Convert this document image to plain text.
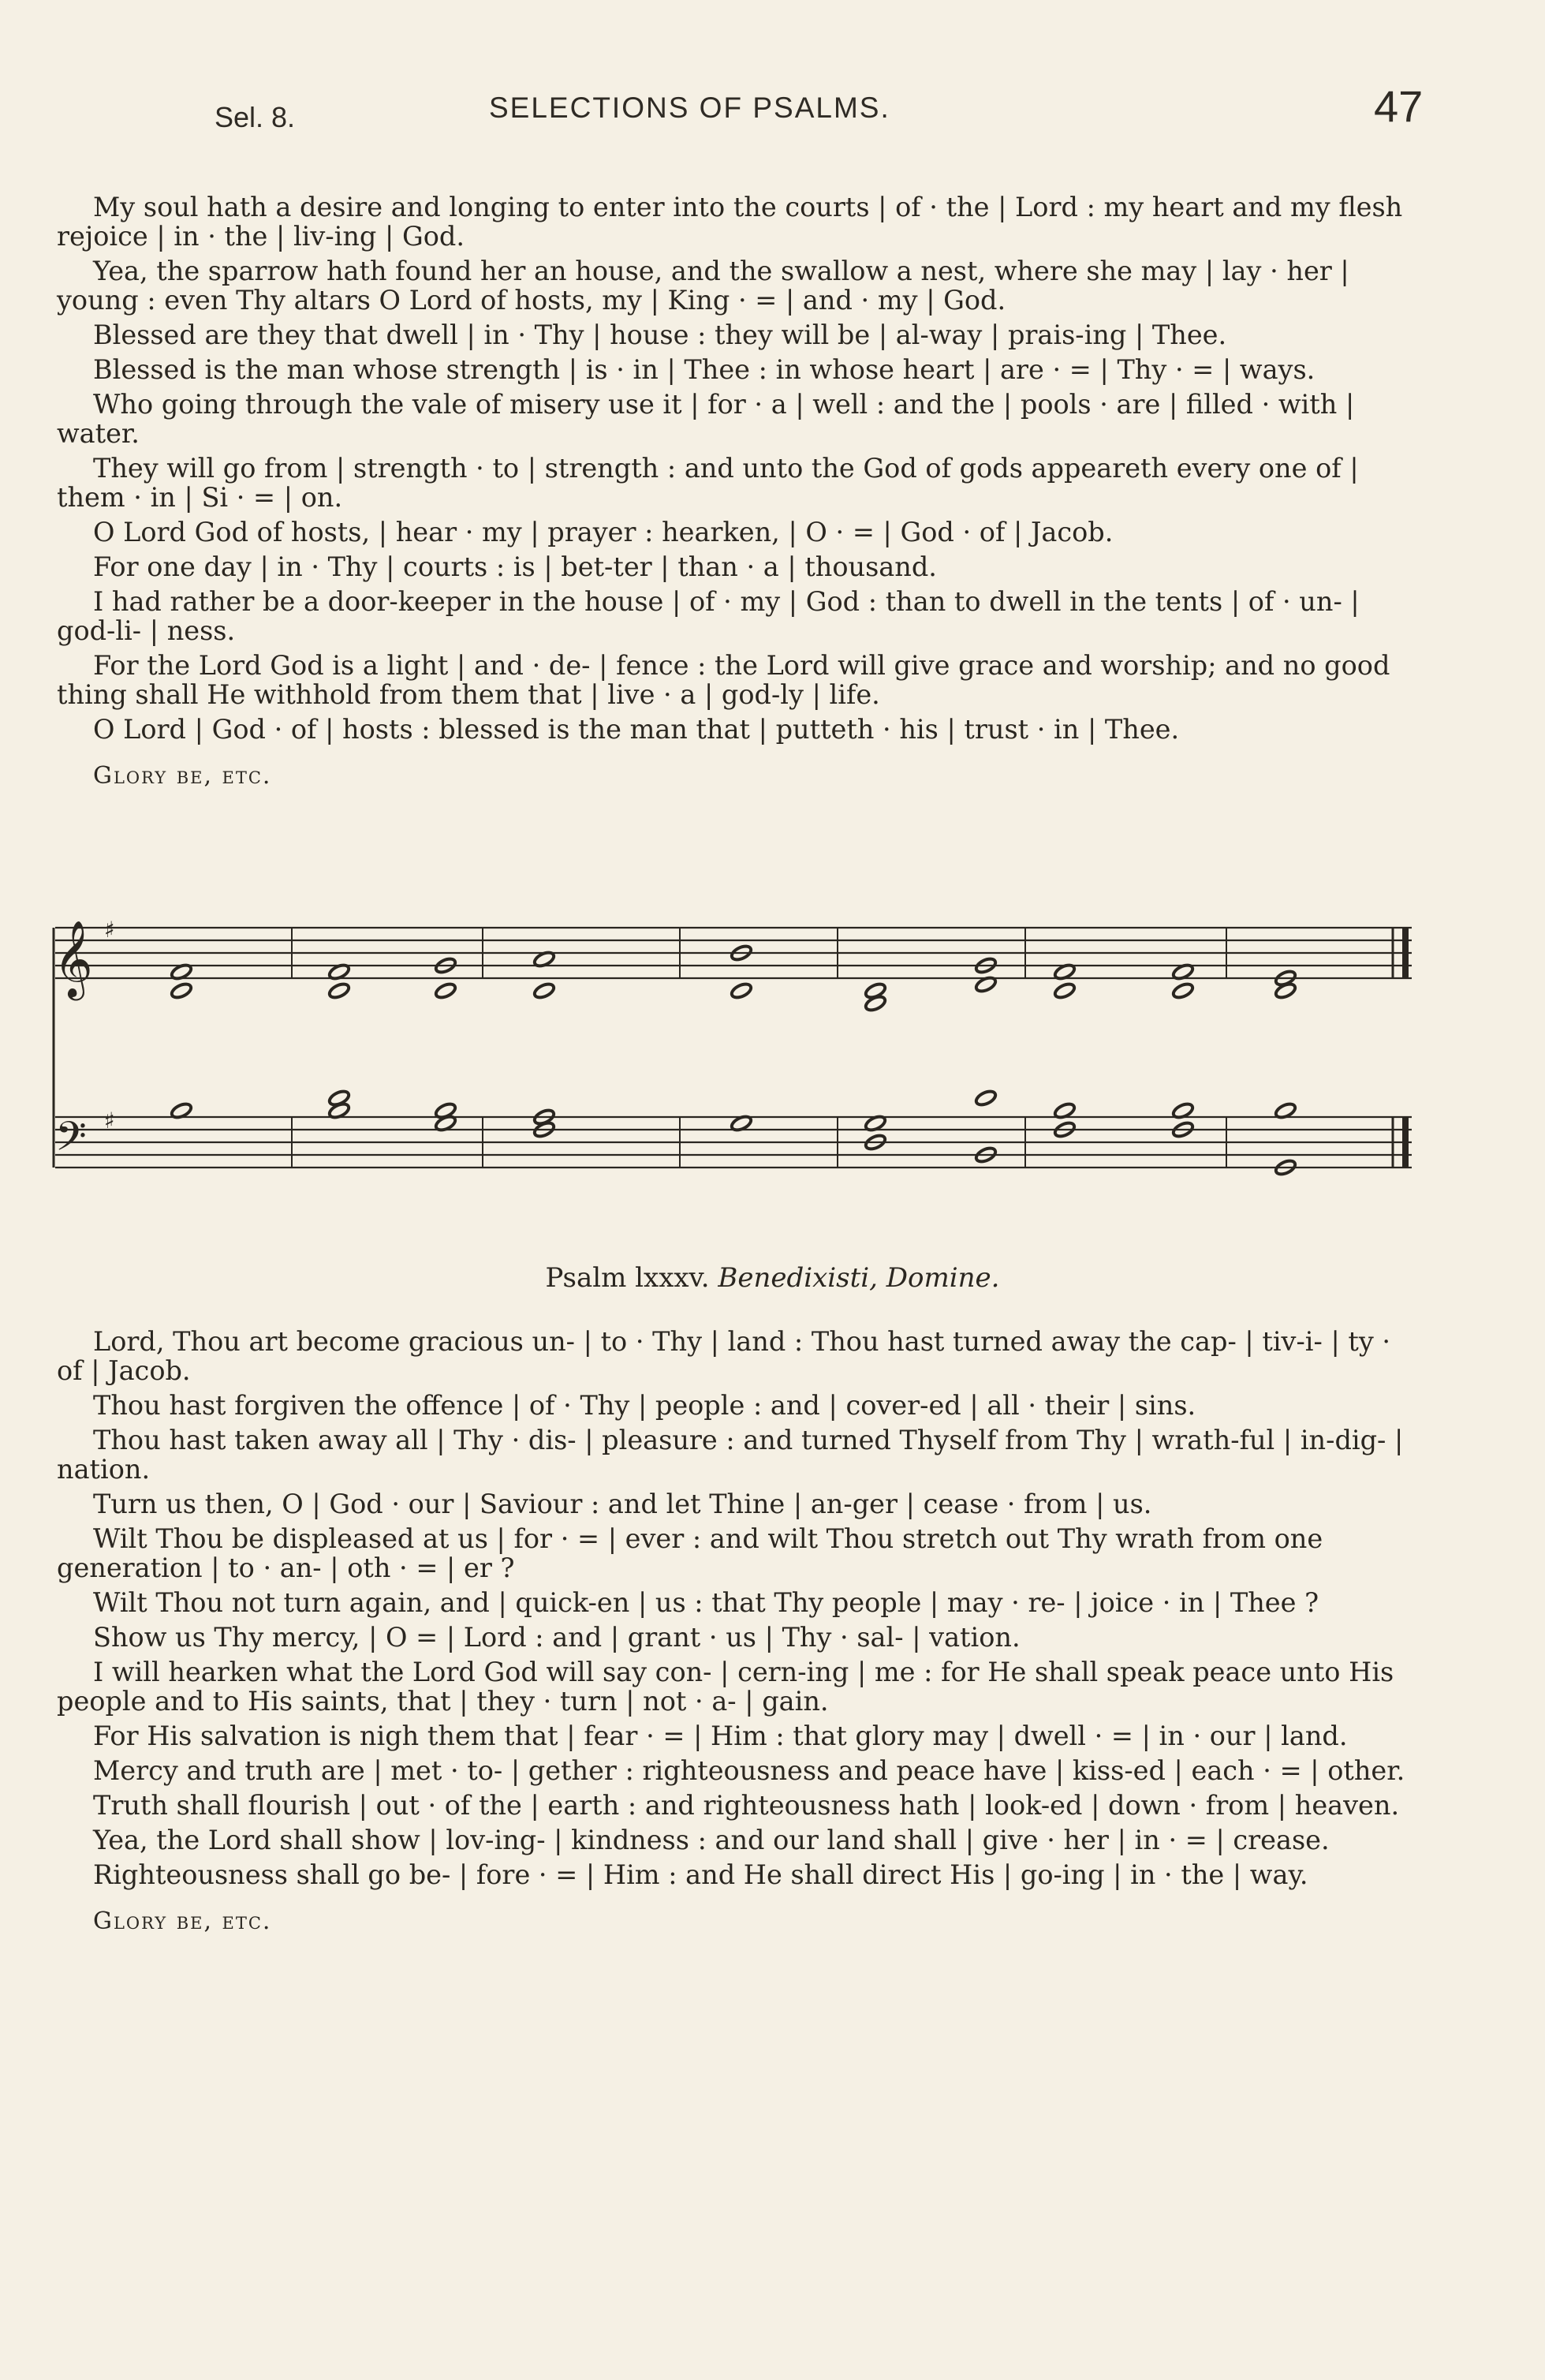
Sel. 8.	SELECTIONS OF PSALMS.	47

My soul hath a desire and longing to enter into the courts | of · the | Lord : my heart and my flesh rejoice | in · the | liv-ing | God.

Yea, the sparrow hath found her an house, and the swallow a nest, where she may | lay · her | young : even Thy altars O Lord of hosts, my | King · = | and · my | God.

Blessed are they that dwell | in · Thy | house : they will be | al-way | prais-ing | Thee.

Blessed is the man whose strength | is · in | Thee : in whose heart | are · = | Thy · = | ways.

Who going through the vale of misery use it | for · a | well : and the | pools · are | filled · with | water.

They will go from | strength · to | strength : and unto the God of gods appeareth every one of | them · in | Si · = | on.

O Lord God of hosts, | hear · my | prayer : hearken, | O · = | God · of | Jacob.

For one day | in · Thy | courts : is | bet-ter | than · a | thousand.

I had rather be a door-keeper in the house | of · my | God : than to dwell in the tents | of · un- | god-li- | ness.

For the Lord God is a light | and · de- | fence : the Lord will give grace and worship; and no good thing shall He withhold from them that | live · a | god-ly | life.

O Lord | God · of | hosts : blessed is the man that | putteth · his | trust · in | Thee.

Glory be, etc.

𝄞 ♯
𝄢 ♯
Psalm lxxxv. Benedixisti, Domine.

Lord, Thou art become gracious un- | to · Thy | land : Thou hast turned away the cap- | tiv-i- | ty · of | Jacob.

Thou hast forgiven the offence | of · Thy | people : and | cover-ed | all · their | sins.

Thou hast taken away all | Thy · dis- | pleasure : and turned Thyself from Thy | wrath-ful | in-dig- | nation.

Turn us then, O | God · our | Saviour : and let Thine | an-ger | cease · from | us.

Wilt Thou be displeased at us | for · = | ever : and wilt Thou stretch out Thy wrath from one generation | to · an- | oth · = | er ?

Wilt Thou not turn again, and | quick-en | us : that Thy people | may · re- | joice · in | Thee ?

Show us Thy mercy, | O = | Lord : and | grant · us | Thy · sal- | vation.

I will hearken what the Lord God will say con- | cern-ing | me : for He shall speak peace unto His people and to His saints, that | they · turn | not · a- | gain.

For His salvation is nigh them that | fear · = | Him : that glory may | dwell · = | in · our | land.

Mercy and truth are | met · to- | gether : righteousness and peace have | kiss-ed | each · = | other.

Truth shall flourish | out · of the | earth : and righteousness hath | look-ed | down · from | heaven.

Yea, the Lord shall show | lov-ing- | kindness : and our land shall | give · her | in · = | crease.

Righteousness shall go be- | fore · = | Him : and He shall direct His | go-ing | in · the | way.

Glory be, etc.
